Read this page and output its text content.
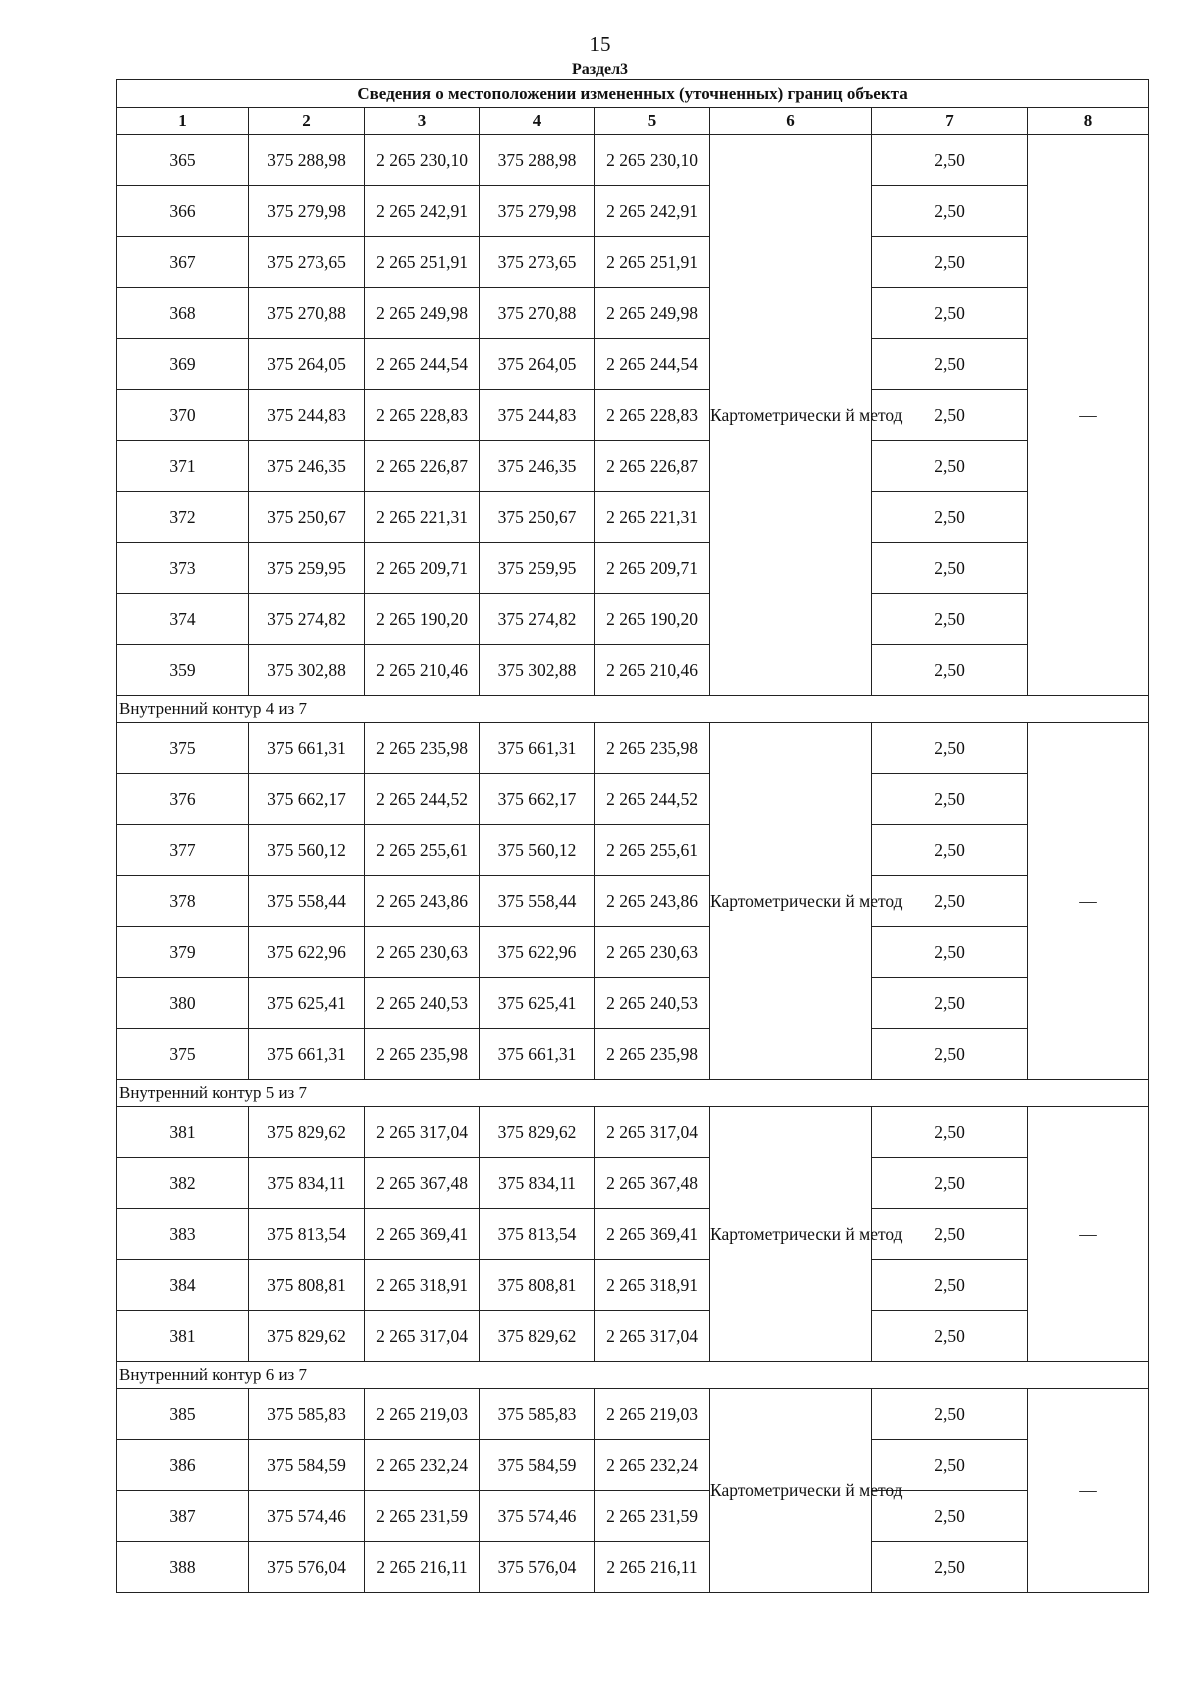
15
Раздел3
Сведения о местоположении измененных (уточненных) границ объекта							
1	2	3	4	5	6	7	8
365	375 288,98	2 265 230,10	375 288,98	2 265 230,10	Картометрически й метод	2,50	—
366	375 279,98	2 265 242,91	375 279,98	2 265 242,91		2,50	
367	375 273,65	2 265 251,91	375 273,65	2 265 251,91		2,50	
368	375 270,88	2 265 249,98	375 270,88	2 265 249,98		2,50	
369	375 264,05	2 265 244,54	375 264,05	2 265 244,54		2,50	
370	375 244,83	2 265 228,83	375 244,83	2 265 228,83		2,50	
371	375 246,35	2 265 226,87	375 246,35	2 265 226,87		2,50	
372	375 250,67	2 265 221,31	375 250,67	2 265 221,31		2,50	
373	375 259,95	2 265 209,71	375 259,95	2 265 209,71		2,50	
374	375 274,82	2 265 190,20	375 274,82	2 265 190,20		2,50	
359	375 302,88	2 265 210,46	375 302,88	2 265 210,46		2,50	
Внутренний контур 4 из 7							
375	375 661,31	2 265 235,98	375 661,31	2 265 235,98	Картометрически й метод	2,50	—
376	375 662,17	2 265 244,52	375 662,17	2 265 244,52		2,50	
377	375 560,12	2 265 255,61	375 560,12	2 265 255,61		2,50	
378	375 558,44	2 265 243,86	375 558,44	2 265 243,86		2,50	
379	375 622,96	2 265 230,63	375 622,96	2 265 230,63		2,50	
380	375 625,41	2 265 240,53	375 625,41	2 265 240,53		2,50	
375	375 661,31	2 265 235,98	375 661,31	2 265 235,98		2,50	
Внутренний контур 5 из 7							
381	375 829,62	2 265 317,04	375 829,62	2 265 317,04	Картометрически й метод	2,50	—
382	375 834,11	2 265 367,48	375 834,11	2 265 367,48		2,50	
383	375 813,54	2 265 369,41	375 813,54	2 265 369,41		2,50	
384	375 808,81	2 265 318,91	375 808,81	2 265 318,91		2,50	
381	375 829,62	2 265 317,04	375 829,62	2 265 317,04		2,50	
Внутренний контур 6 из 7							
385	375 585,83	2 265 219,03	375 585,83	2 265 219,03	Картометрически й метод	2,50	—
386	375 584,59	2 265 232,24	375 584,59	2 265 232,24		2,50	
387	375 574,46	2 265 231,59	375 574,46	2 265 231,59		2,50	
388	375 576,04	2 265 216,11	375 576,04	2 265 216,11		2,50	
